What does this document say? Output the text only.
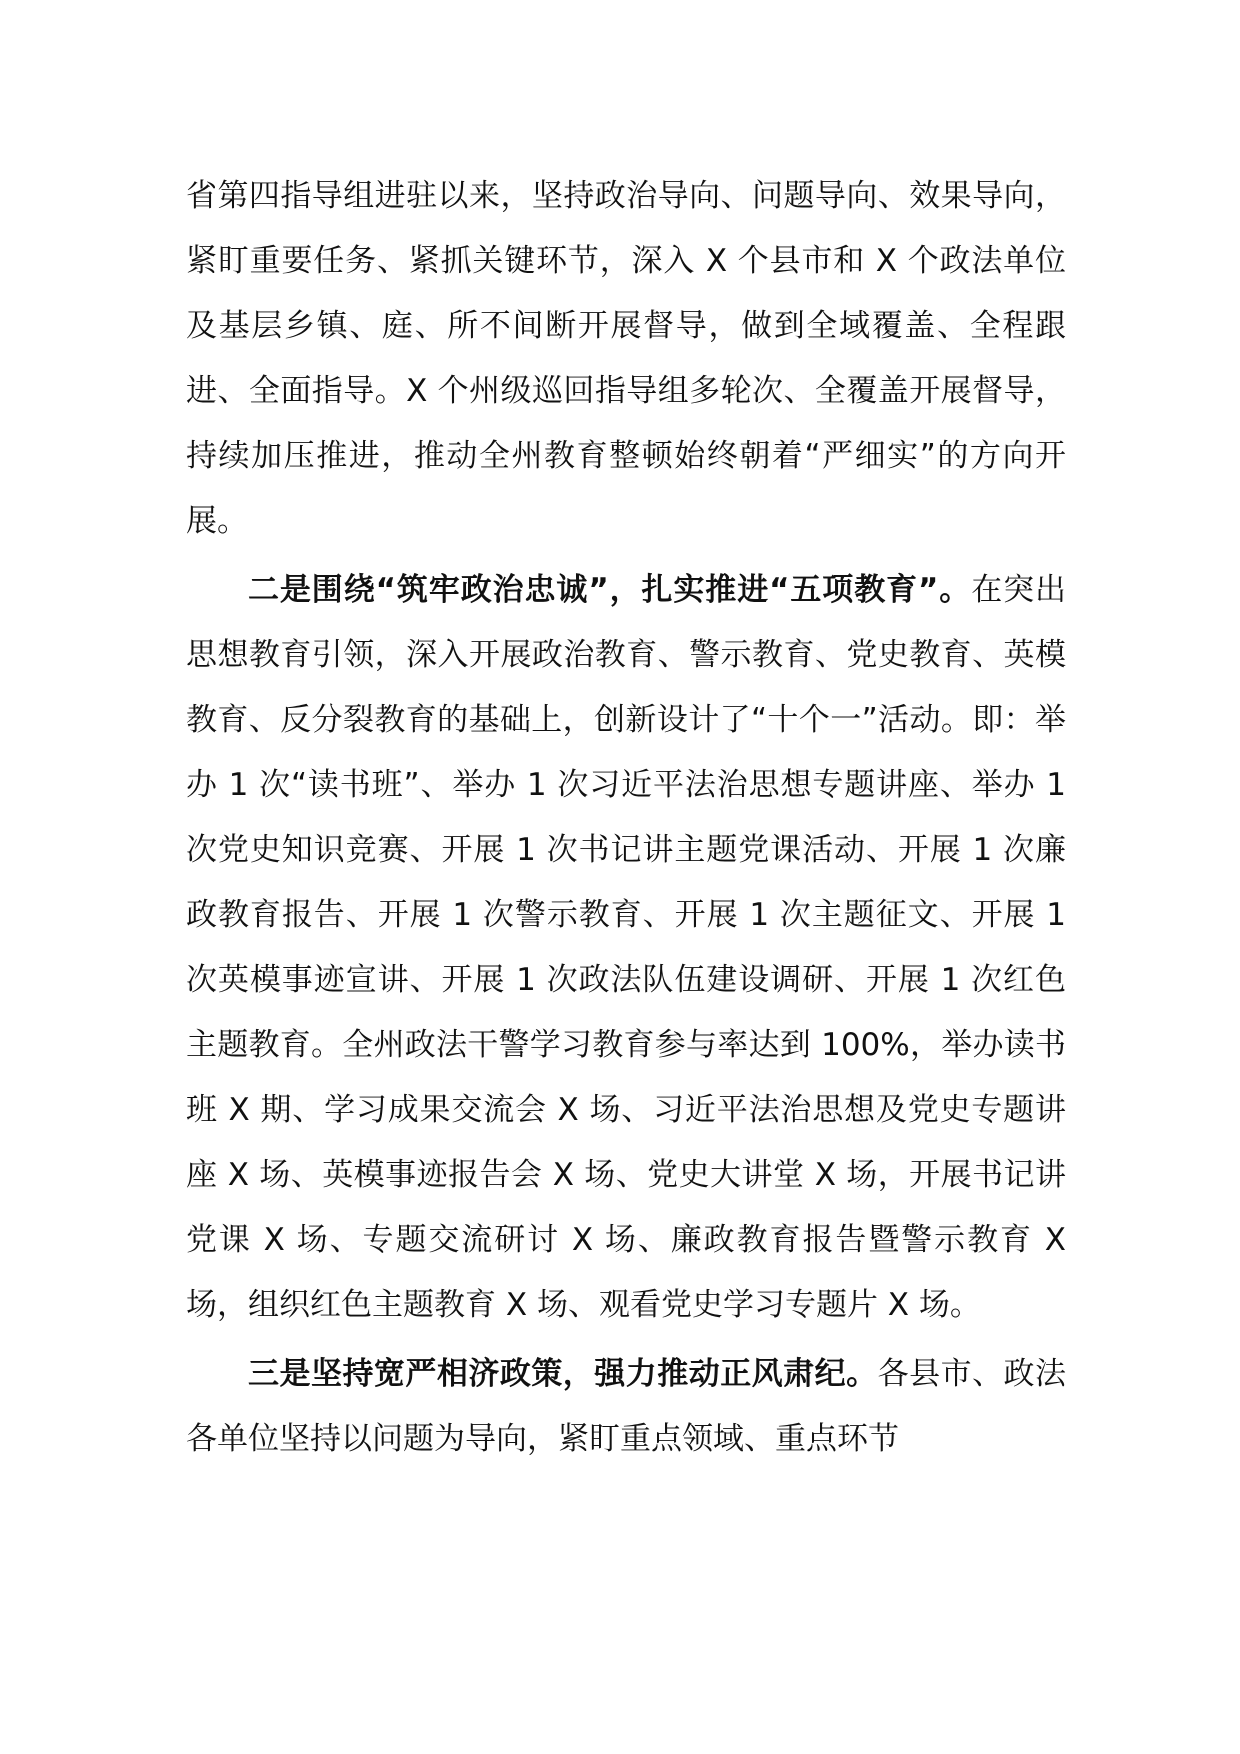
省第四指导组进驻以来，坚持政治导向、问题导向、效果导向，紧盯重要任务、紧抓关键环节，深入 X 个县市和 X 个政法单位及基层乡镇、庭、所不间断开展督导，做到全域覆盖、全程跟进、全面指导。X 个州级巡回指导组多轮次、全覆盖开展督导，持续加压推进，推动全州教育整顿始终朝着“严细实”的方向开展。

二是围绕“筑牢政治忠诚”，扎实推进“五项教育”。在突出思想教育引领，深入开展政治教育、警示教育、党史教育、英模教育、反分裂教育的基础上，创新设计了“十个一”活动。即：举办 1 次“读书班”、举办 1 次习近平法治思想专题讲座、举办 1 次党史知识竞赛、开展 1 次书记讲主题党课活动、开展 1 次廉政教育报告、开展 1 次警示教育、开展 1 次主题征文、开展 1 次英模事迹宣讲、开展 1 次政法队伍建设调研、开展 1 次红色主题教育。全州政法干警学习教育参与率达到 100%，举办读书班 X 期、学习成果交流会 X 场、习近平法治思想及党史专题讲座 X 场、英模事迹报告会 X 场、党史大讲堂 X 场，开展书记讲党课 X 场、专题交流研讨 X 场、廉政教育报告暨警示教育 X 场，组织红色主题教育 X 场、观看党史学习专题片 X 场。

三是坚持宽严相济政策，强力推动正风肃纪。各县市、政法各单位坚持以问题为导向，紧盯重点领域、重点环节
